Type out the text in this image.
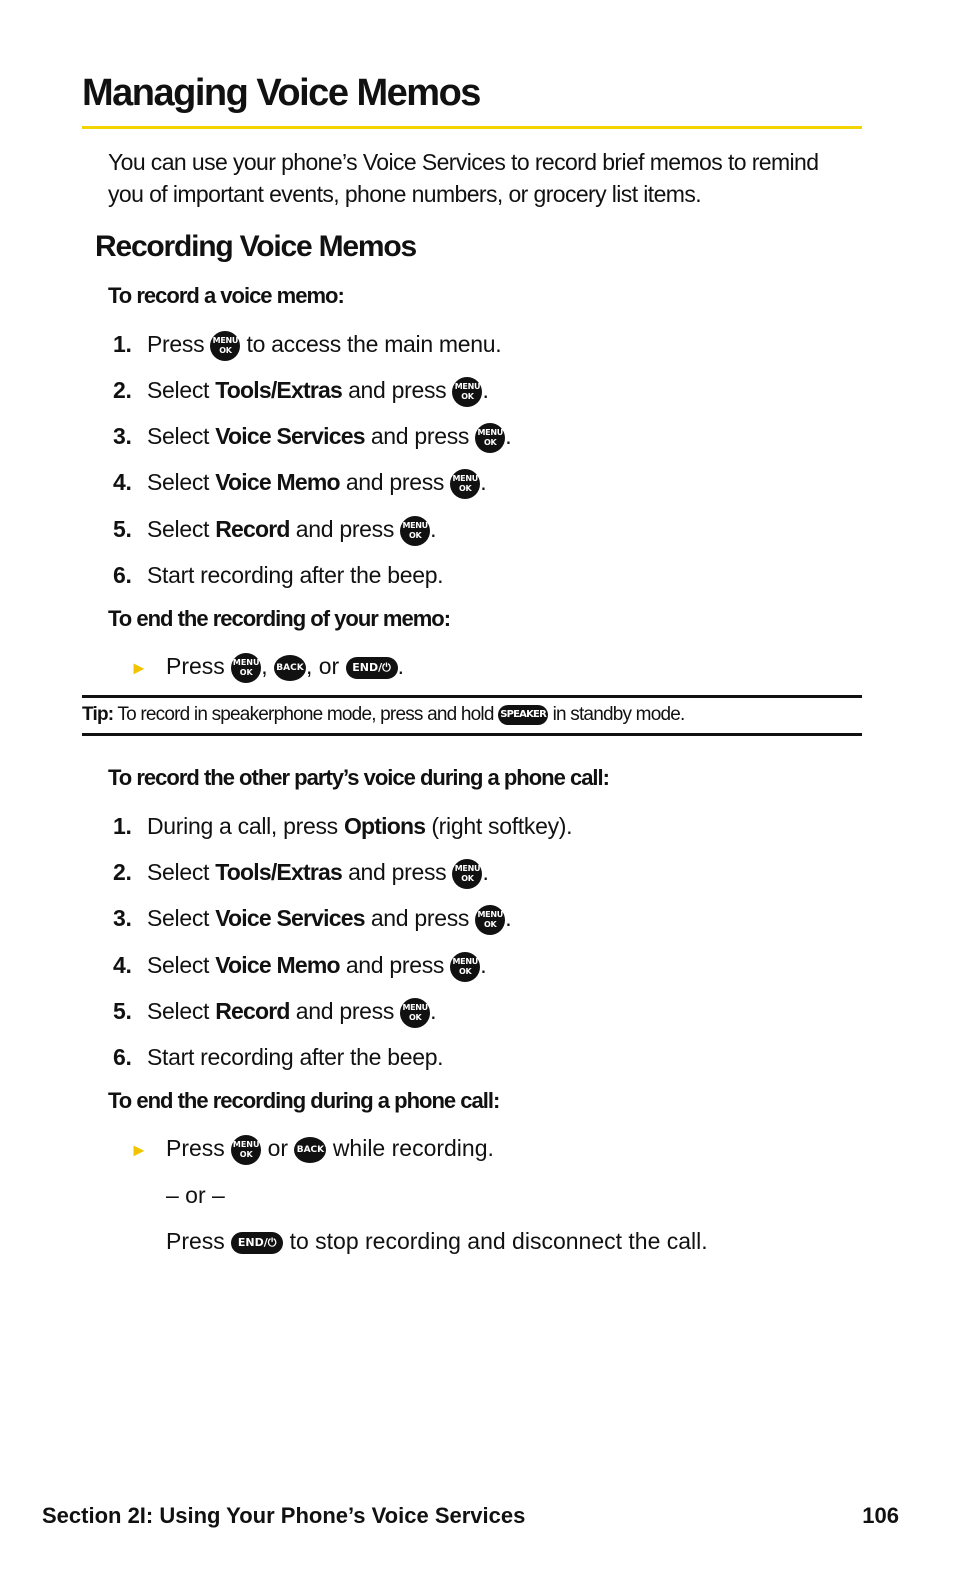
Managing Voice Memos

You can use your phone’s Voice Services to record brief memos to remind you of important events, phone numbers, or grocery list items.

Recording Voice Memos
To record a voice memo:
1. Press MENU
OK to access the main menu.
2. Select Tools/Extras and press MENU
OK .
3. Select Voice Services and press MENU
OK .
4. Select Voice Memo and press MENU
OK .
5. Select Record and press MENU
OK .
6. Start recording after the beep.
To end the recording of your memo:
► Press MENU
OK , BACK, or END/⏻ .
Tip: To record in speakerphone mode, press and hold SPEAKER in standby mode.
To record the other party’s voice during a phone call:
1. During a call, press Options (right softkey).
2. Select Tools/Extras and press MENU
OK .
3. Select Voice Services and press MENU
OK .
4. Select Voice Memo and press MENU
OK .
5. Select Record and press MENU
OK .
6. Start recording after the beep.
To end the recording during a phone call:
► Press MENU
OK or BACK while recording.
– or –
Press END/⏻ to stop recording and disconnect the call.
Section 2I: Using Your Phone’s Voice Services	106
